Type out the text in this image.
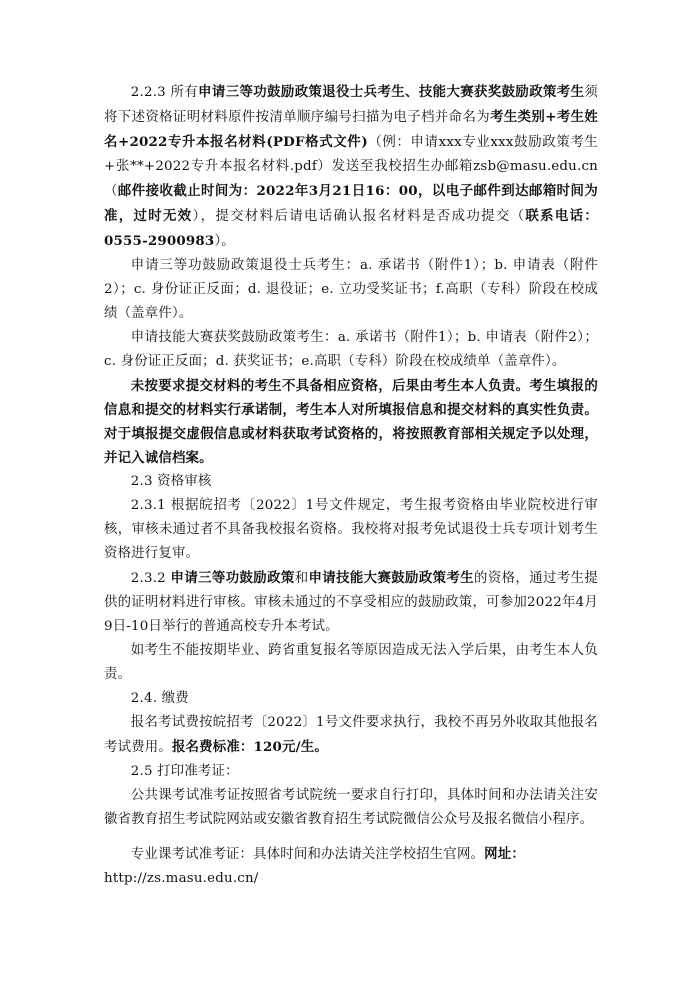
2.2.3 所有申请三等功鼓励政策退役士兵考生、技能大赛获奖鼓励政策考生须将下述资格证明材料原件按清单顺序编号扫描为电子档并命名为考生类别+考生姓名+2022专升本报名材料(PDF格式文件)（例：申请xxx专业xxx鼓励政策考生+张**+2022专升本报名材料.pdf）发送至我校招生办邮箱zsb@masu.edu.cn（邮件接收截止时间为：2022年3月21日16：00，以电子邮件到达邮箱时间为准，过时无效），提交材料后请电话确认报名材料是否成功提交（联系电话：0555-2900983）。

申请三等功鼓励政策退役士兵考生：a. 承诺书（附件1）；b. 申请表（附件2）；c. 身份证正反面；d. 退役证；e. 立功受奖证书；f.高职（专科）阶段在校成绩（盖章件）。

申请技能大赛获奖鼓励政策考生：a. 承诺书（附件1）；b. 申请表（附件2）；c. 身份证正反面；d. 获奖证书；e.高职（专科）阶段在校成绩单（盖章件）。

未按要求提交材料的考生不具备相应资格，后果由考生本人负责。考生填报的信息和提交的材料实行承诺制，考生本人对所填报信息和提交材料的真实性负责。对于填报提交虚假信息或材料获取考试资格的，将按照教育部相关规定予以处理，并记入诚信档案。

2.3 资格审核

2.3.1 根据皖招考〔2022〕1号文件规定，考生报考资格由毕业院校进行审核，审核未通过者不具备我校报名资格。我校将对报考免试退役士兵专项计划考生资格进行复审。

2.3.2 申请三等功鼓励政策和申请技能大赛鼓励政策考生的资格，通过考生提供的证明材料进行审核。审核未通过的不享受相应的鼓励政策，可参加2022年4月9日-10日举行的普通高校专升本考试。

如考生不能按期毕业、跨省重复报名等原因造成无法入学后果，由考生本人负责。

2.4. 缴费

报名考试费按皖招考〔2022〕1号文件要求执行，我校不再另外收取其他报名考试费用。报名费标准：120元/生。

2.5 打印准考证：

公共课考试准考证按照省考试院统一要求自行打印，具体时间和办法请关注安徽省教育招生考试院网站或安徽省教育招生考试院微信公众号及报名微信小程序。

专业课考试准考证：具体时间和办法请关注学校招生官网。网址：

http://zs.masu.edu.cn/
